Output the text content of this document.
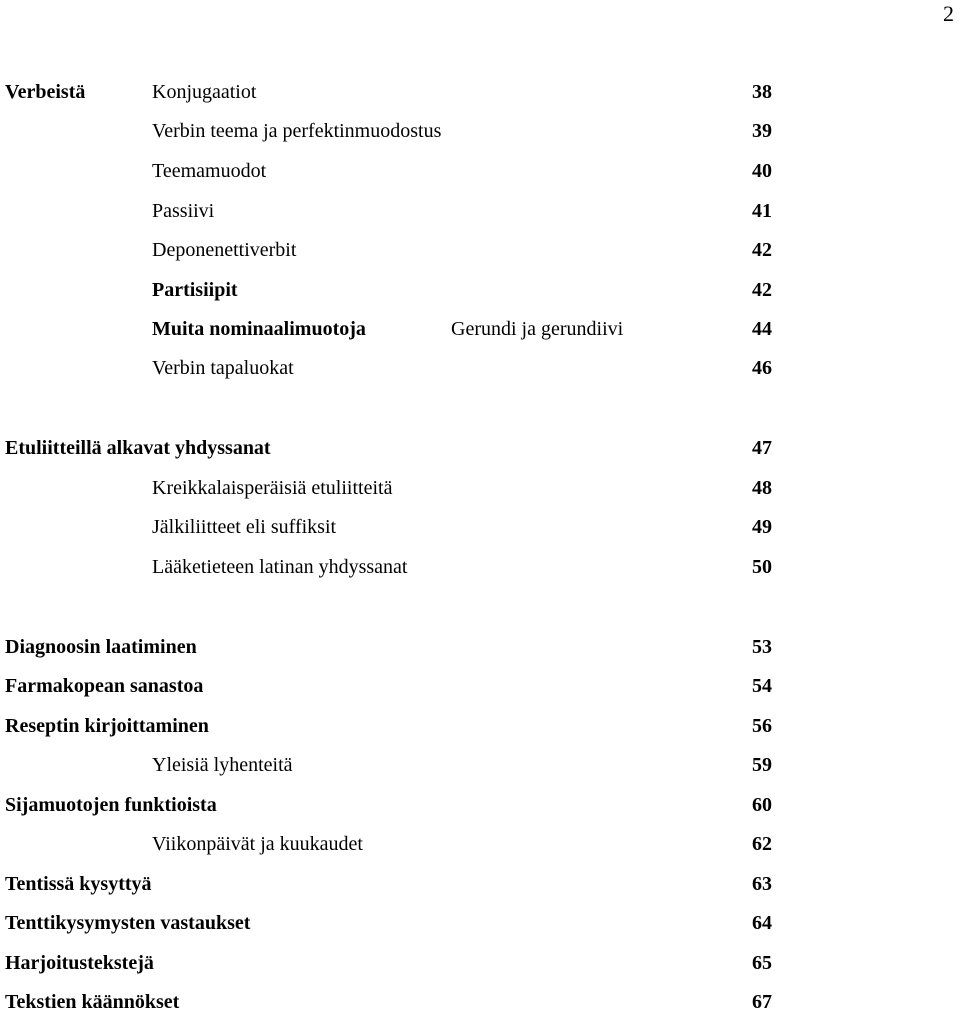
2
Verbeistä	Konjugaatiot	38
Verbin teema ja perfektinmuodostus	39
Teemamuodot	40
Passiivi	41
Deponenettiverbit	42
Partisiipit	42
Muita nominaalimuotoja	Gerundi ja gerundiivi	44
Verbin tapaluokat	46
Etuliitteillä alkavat yhdyssanat	47
Kreikkalaisperäisiä etuliitteitä	48
Jälkiliitteet eli suffiksit	49
Lääketieteen latinan yhdyssanat	50
Diagnoosin laatiminen	53
Farmakopean sanastoa	54
Reseptin kirjoittaminen	56
Yleisiä lyhenteitä	59
Sijamuotojen funktioista	60
Viikonpäivät ja kuukaudet	62
Tentissä kysyttyä	63
Tenttikysymysten vastaukset	64
Harjoitustekstejä	65
Tekstien käännökset	67
